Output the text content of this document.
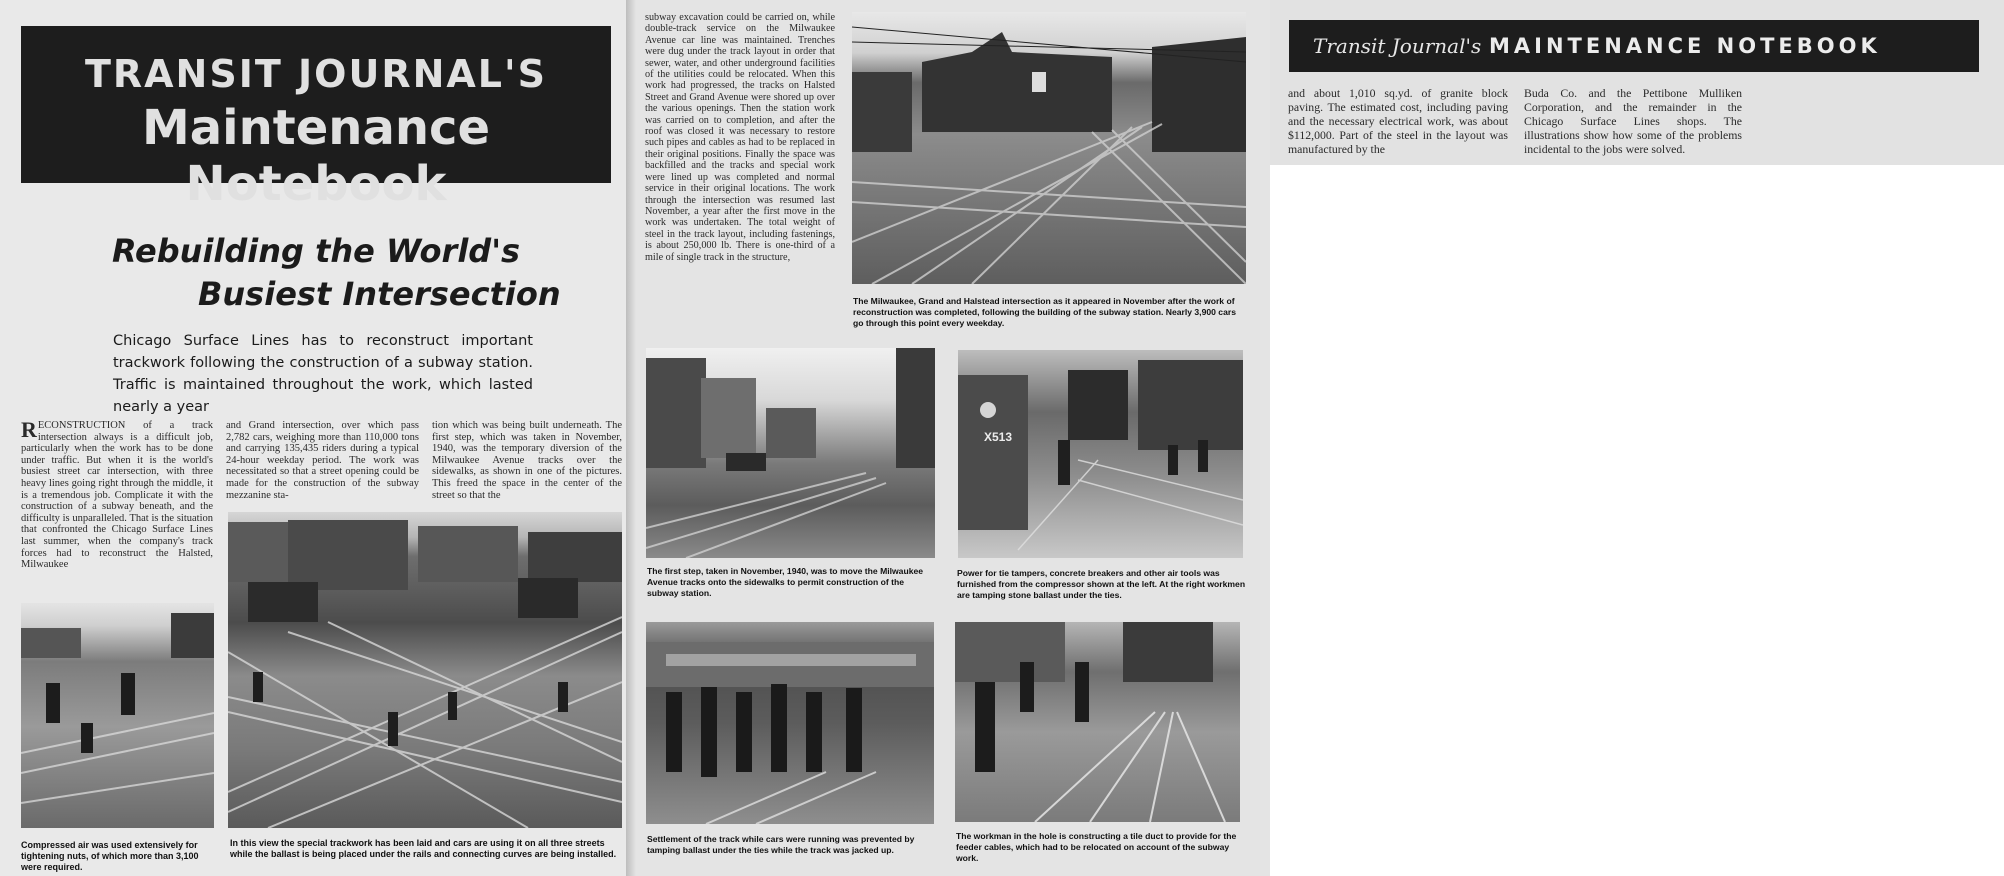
TRANSIT JOURNAL'S
Maintenance Notebook
Rebuilding the World's
Busiest Intersection
Chicago Surface Lines has to reconstruct important trackwork following the construction of a subway station. Traffic is maintained throughout the work, which lasted nearly a year
RECONSTRUCTION of a track intersection always is a difficult job, particularly when the work has to be done under traffic. But when it is the world's busiest street car intersection, with three heavy lines going right through the middle, it is a tremendous job. Complicate it with the construction of a subway beneath, and the difficulty is unparalleled. That is the situation that confronted the Chicago Surface Lines last summer, when the company's track forces had to reconstruct the Halsted, Milwaukee
and Grand intersection, over which pass 2,782 cars, weighing more than 110,000 tons and carrying 135,435 riders during a typical 24-hour weekday period. The work was necessitated so that a street opening could be made for the construction of the subway mezzanine sta-
tion which was being built underneath. The first step, which was taken in November, 1940, was the temporary diversion of the Milwaukee Avenue tracks over the sidewalks, as shown in one of the pictures. This freed the space in the center of the street so that the
Compressed air was used extensively for tightening nuts, of which more than 3,100 were required.
In this view the special trackwork has been laid and cars are using it on all three streets while the ballast is being placed under the rails and connecting curves are being installed.
subway excavation could be carried on, while double-track service on the Milwaukee Avenue car line was maintained. Trenches were dug under the track layout in order that sewer, water, and other underground facilities of the utilities could be relocated. When this work had progressed, the tracks on Halsted Street and Grand Avenue were shored up over the various openings. Then the station work was carried on to completion, and after the roof was closed it was necessary to restore such pipes and cables as had to be replaced in their original positions. Finally the space was backfilled and the tracks and special work were lined up was completed and normal service in their original locations. The work through the intersection was resumed last November, a year after the first move in the work was undertaken. The total weight of steel in the track layout, including fastenings, is about 250,000 lb. There is one-third of a mile of single track in the structure,
The Milwaukee, Grand and Halstead intersection as it appeared in November after the work of reconstruction was completed, following the building of the subway station. Nearly 3,900 cars go through this point every weekday.
The first step, taken in November, 1940, was to move the Milwaukee Avenue tracks onto the sidewalks to permit construction of the subway station.
X513
Power for tie tampers, concrete breakers and other air tools was furnished from the compressor shown at the left. At the right workmen are tamping stone ballast under the ties.
Settlement of the track while cars were running was prevented by tamping ballast under the ties while the track was jacked up.
The workman in the hole is constructing a tile duct to provide for the feeder cables, which had to be relocated on account of the subway work.
Transit Journal's MAINTENANCE NOTEBOOK
and about 1,010 sq.yd. of granite block paving. The estimated cost, including paving and the necessary electrical work, was about $112,000. Part of the steel in the layout was manufactured by the
Buda Co. and the Pettibone Mulliken Corporation, and the remainder in the Chicago Surface Lines shops. The illustrations show how some of the problems incidental to the jobs were solved.
